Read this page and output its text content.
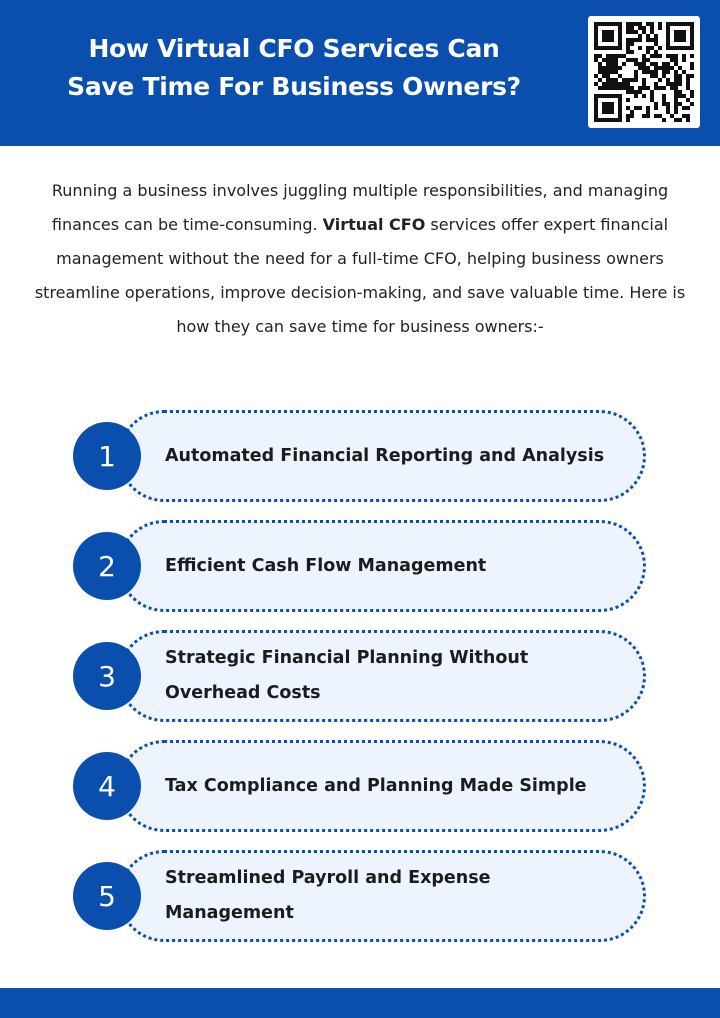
How Virtual CFO Services Can
Save Time For Business Owners?

Running a business involves juggling multiple responsibilities, and managing finances can be time-consuming. Virtual CFO services offer expert financial management without the need for a full-time CFO, helping business owners streamline operations, improve decision-making, and save valuable time. Here is how they can save time for business owners:-

Automated Financial Reporting and Analysis
1
Efficient Cash Flow Management
2
Strategic Financial Planning Without Overhead Costs
3
Tax Compliance and Planning Made Simple
4
Streamlined Payroll and Expense Management
5
